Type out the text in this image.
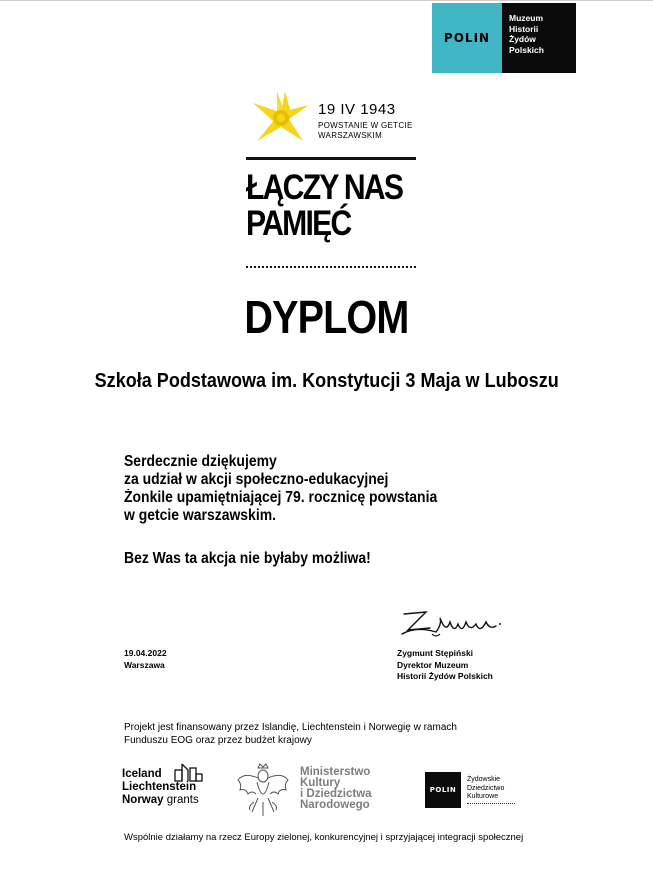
POLIN
Muzeum
Historii
Żydów
Polskich
19 IV 1943
POWSTANIE W GETCIE
WARSZAWSKIM
ŁĄCZY NAS
PAMIĘĆ
DYPLOM
Szkoła Podstawowa im. Konstytucji 3 Maja w Luboszu
Serdecznie dziękujemy
za udział w akcji społeczno-edukacyjnej
Żonkile upamiętniającej 79. rocznicę powstania
w getcie warszawskim.
Bez Was ta akcja nie byłaby możliwa!
19.04.2022
Warszawa
Zygmunt Stępiński
Dyrektor Muzeum
Historii Żydów Polskich
Projekt jest finansowany przez Islandię, Liechtenstein i Norwegię w ramach
Funduszu EOG oraz przez budżet krajowy
Iceland
Liechtenstein
Norway grants
Ministerstwo
Kultury
i Dziedzictwa
Narodowego
POLIN
Żydowskie
Dziedzictwo
Kulturowe
Wspólnie działamy na rzecz Europy zielonej, konkurencyjnej i sprzyjającej integracji społecznej
